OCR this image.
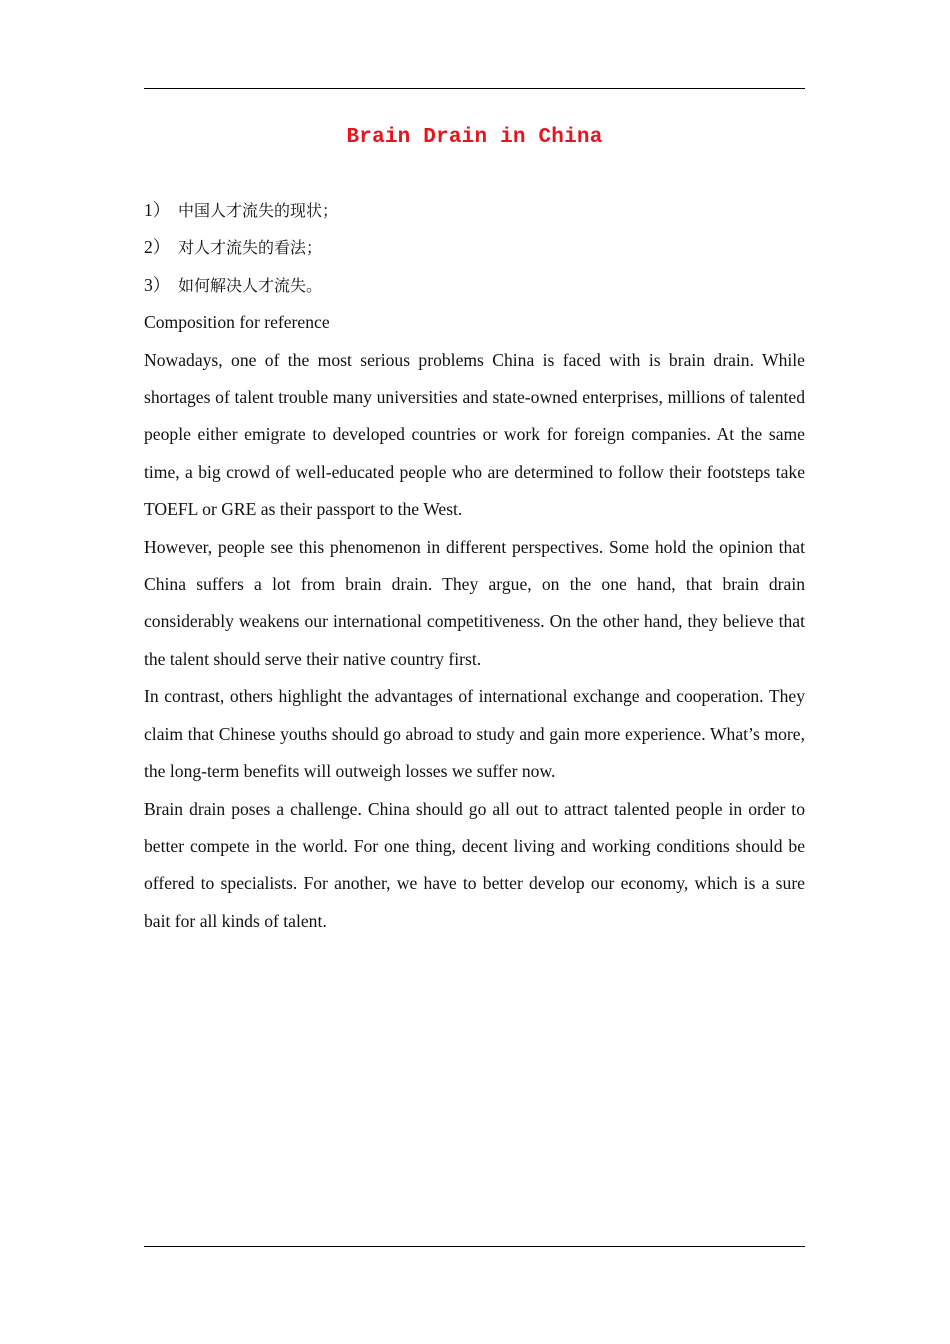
Brain Drain in China

1） 中国人才流失的现状；

2） 对人才流失的看法；

3） 如何解决人才流失。

Composition for reference

Nowadays, one of the most serious problems China is faced with is brain drain. While shortages of talent trouble many universities and state-owned enterprises, millions of talented people either emigrate to developed countries or work for foreign companies. At the same time, a big crowd of well-educated people who are determined to follow their footsteps take TOEFL or GRE as their passport to the West.

However, people see this phenomenon in different perspectives. Some hold the opinion that China suffers a lot from brain drain. They argue, on the one hand, that brain drain considerably weakens our international competitiveness. On the other hand, they believe that the talent should serve their native country first.

In contrast, others highlight the advantages of international exchange and cooperation. They claim that Chinese youths should go abroad to study and gain more experience. What’s more, the long-term benefits will outweigh losses we suffer now.

Brain drain poses a challenge. China should go all out to attract talented people in order to better compete in the world. For one thing, decent living and working conditions should be offered to specialists. For another, we have to better develop our economy, which is a sure bait for all kinds of talent.
